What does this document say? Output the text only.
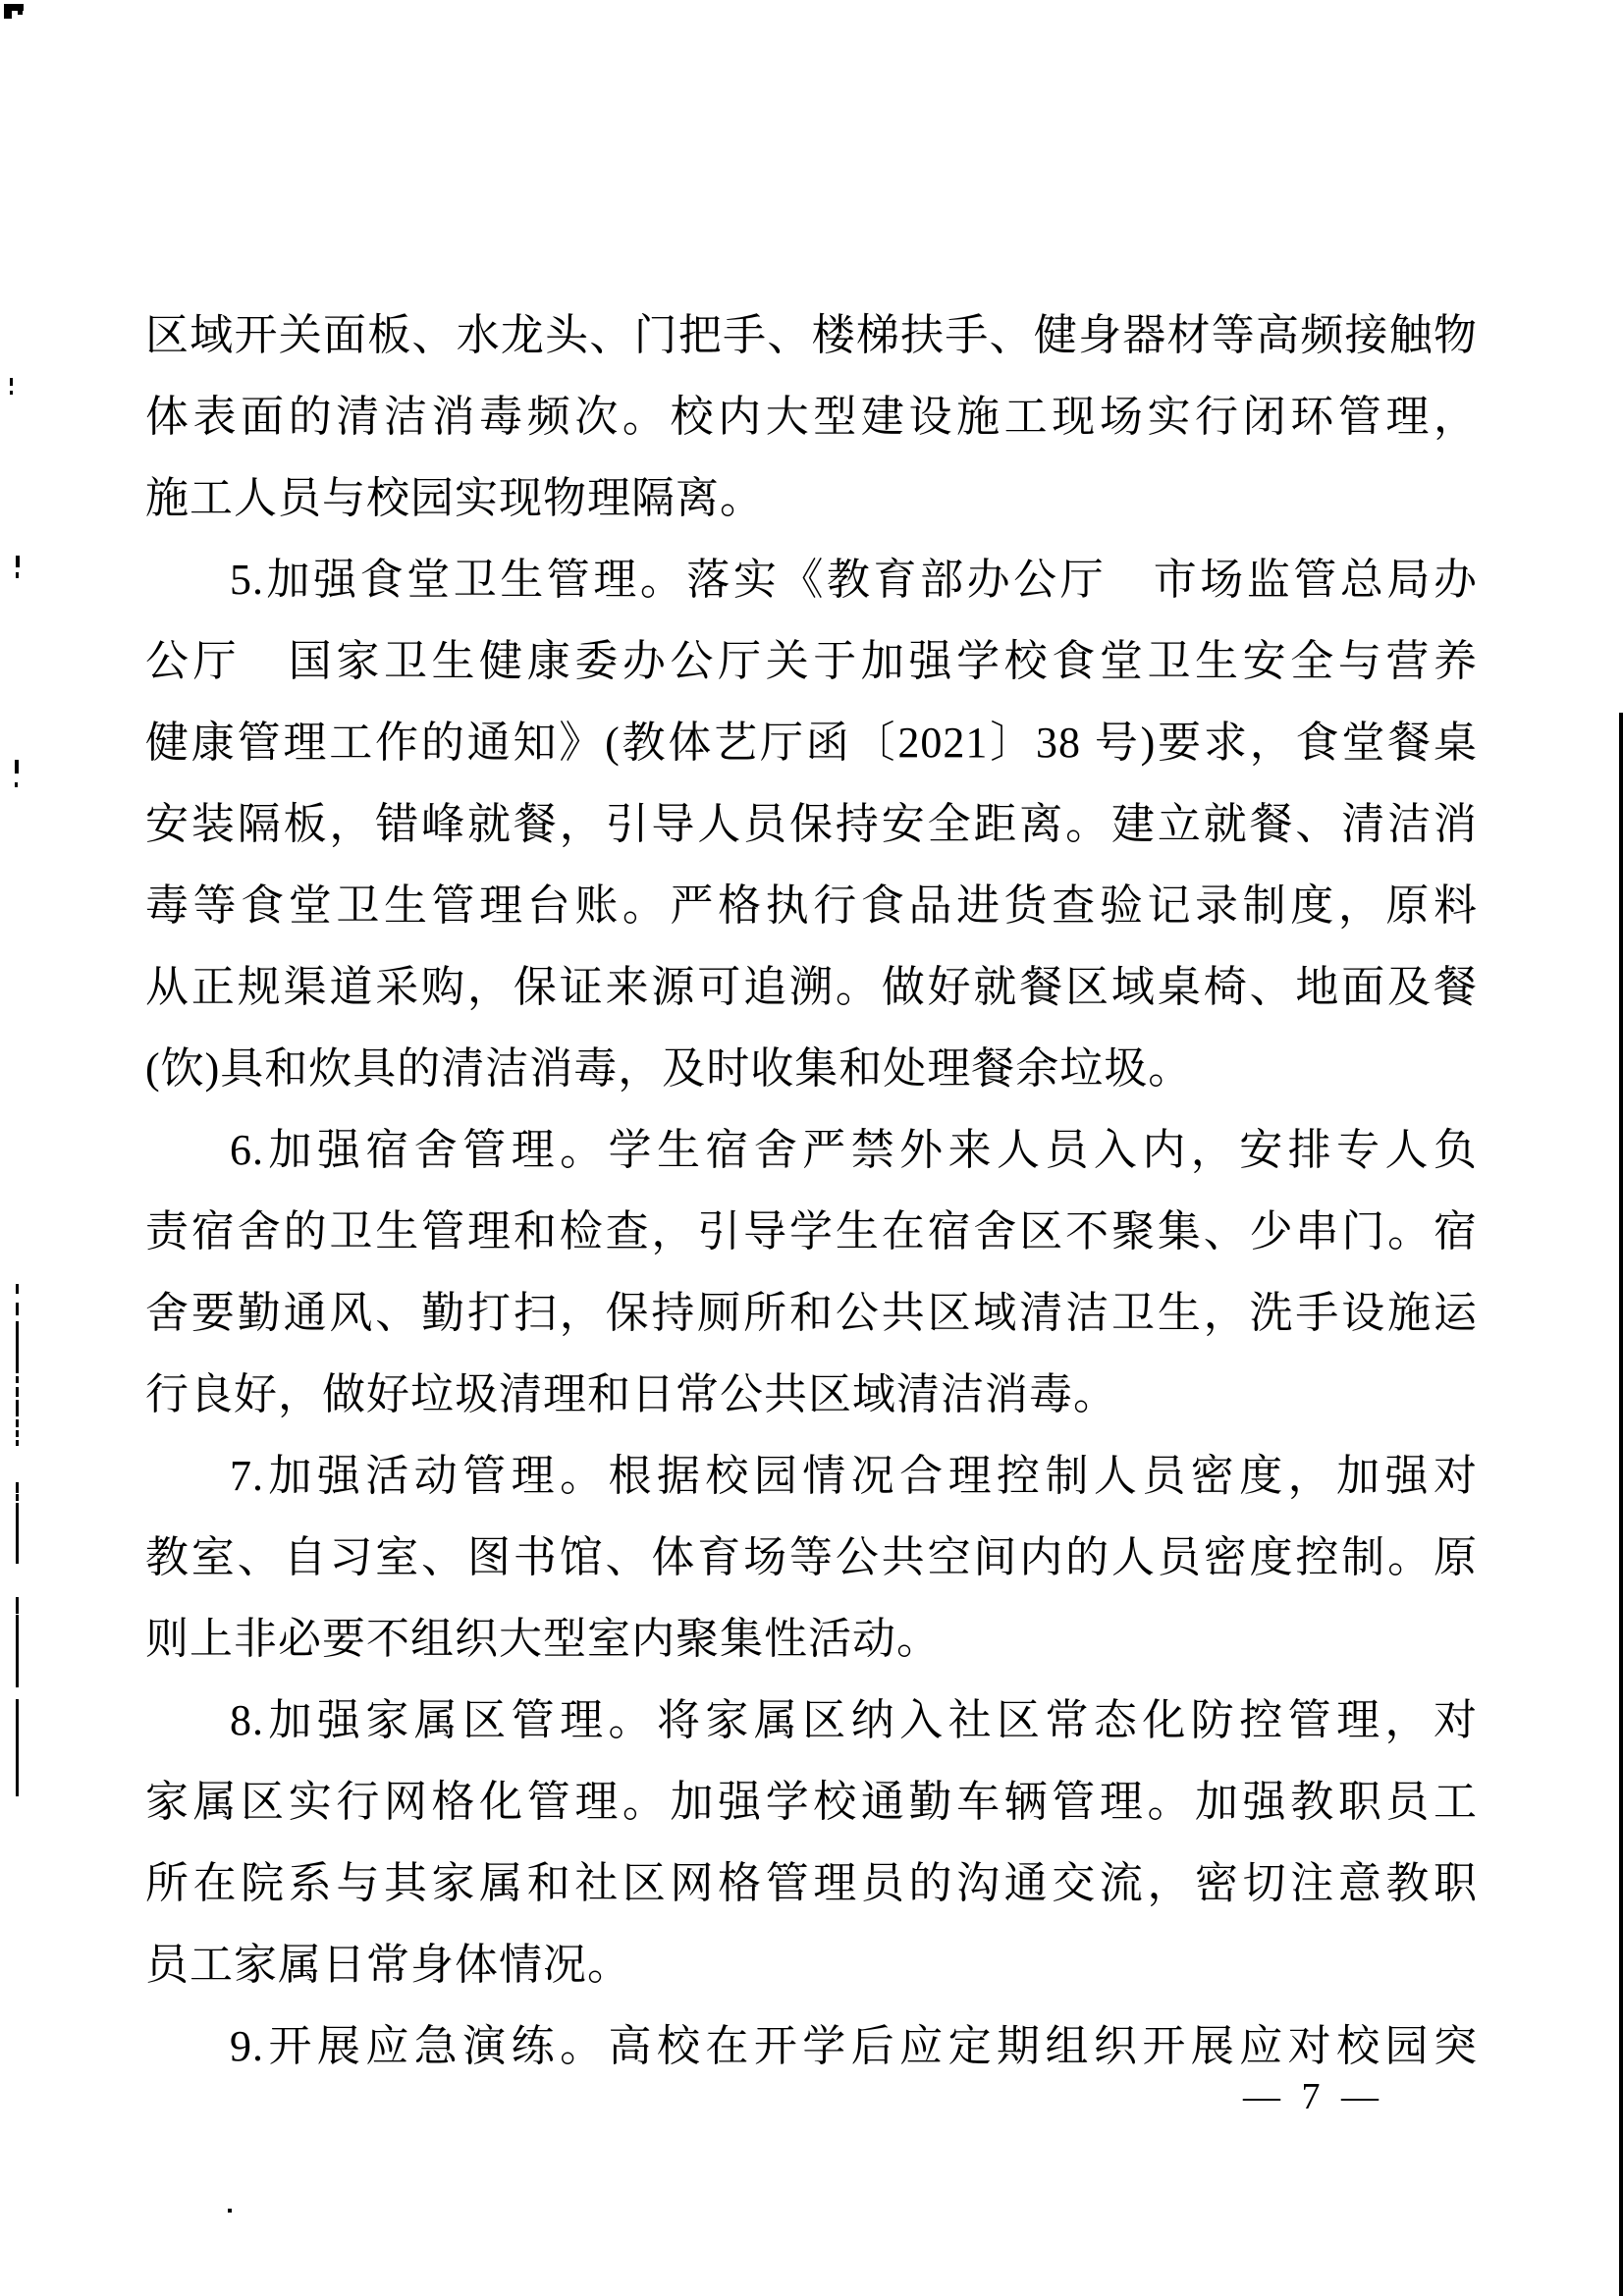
区域开关面板、水龙头、门把手、楼梯扶手、健身器材等高频接触物
体表面的清洁消毒频次。校内大型建设施工现场实行闭环管理，
施工人员与校园实现物理隔离。
5.加强食堂卫生管理。落实《教育部办公厅　市场监管总局办
公厅　国家卫生健康委办公厅关于加强学校食堂卫生安全与营养
健康管理工作的通知》(教体艺厅函〔2021〕38 号)要求，食堂餐桌
安装隔板，错峰就餐，引导人员保持安全距离。建立就餐、清洁消
毒等食堂卫生管理台账。严格执行食品进货查验记录制度，原料
从正规渠道采购，保证来源可追溯。做好就餐区域桌椅、地面及餐
(饮)具和炊具的清洁消毒，及时收集和处理餐余垃圾。
6.加强宿舍管理。学生宿舍严禁外来人员入内，安排专人负
责宿舍的卫生管理和检查，引导学生在宿舍区不聚集、少串门。宿
舍要勤通风、勤打扫，保持厕所和公共区域清洁卫生，洗手设施运
行良好，做好垃圾清理和日常公共区域清洁消毒。
7.加强活动管理。根据校园情况合理控制人员密度，加强对
教室、自习室、图书馆、体育场等公共空间内的人员密度控制。原
则上非必要不组织大型室内聚集性活动。
8.加强家属区管理。将家属区纳入社区常态化防控管理，对
家属区实行网格化管理。加强学校通勤车辆管理。加强教职员工
所在院系与其家属和社区网格管理员的沟通交流，密切注意教职
员工家属日常身体情况。
9.开展应急演练。高校在开学后应定期组织开展应对校园突
— 7 —
